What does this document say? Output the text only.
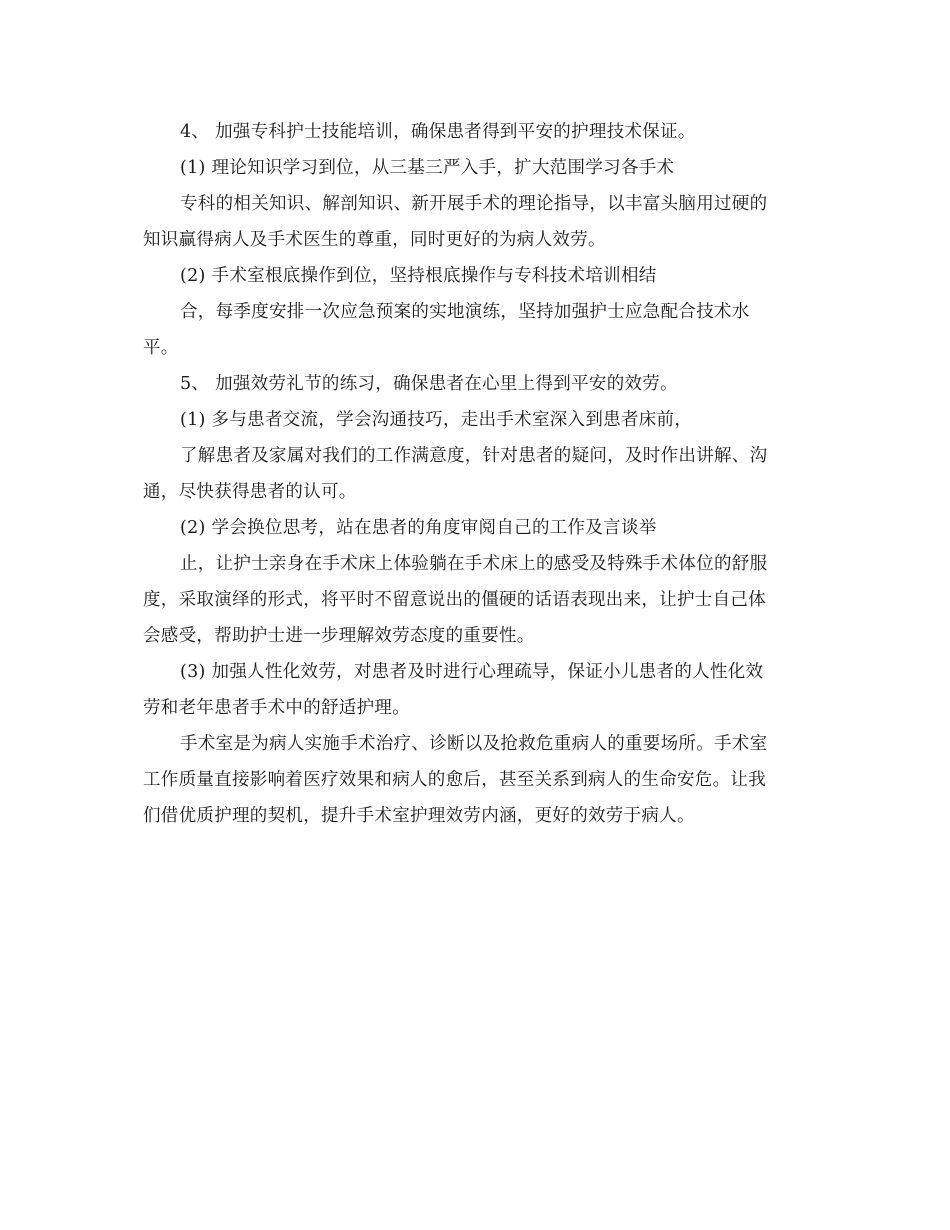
4、 加强专科护士技能培训，确保患者得到平安的护理技术保证。
(1) 理论知识学习到位，从三基三严入手，扩大范围学习各手术
专科的相关知识、解剖知识、新开展手术的理论指导，以丰富头脑用过硬的
知识赢得病人及手术医生的尊重，同时更好的为病人效劳。
(2) 手术室根底操作到位，坚持根底操作与专科技术培训相结
合，每季度安排一次应急预案的实地演练，坚持加强护士应急配合技术水
平。
5、 加强效劳礼节的练习，确保患者在心里上得到平安的效劳。
(1) 多与患者交流，学会沟通技巧，走出手术室深入到患者床前，
了解患者及家属对我们的工作满意度，针对患者的疑问，及时作出讲解、沟
通，尽快获得患者的认可。
(2) 学会换位思考，站在患者的角度审阅自己的工作及言谈举
止，让护士亲身在手术床上体验躺在手术床上的感受及特殊手术体位的舒服
度，采取演绎的形式，将平时不留意说出的僵硬的话语表现出来，让护士自己体
会感受，帮助护士进一步理解效劳态度的重要性。
(3) 加强人性化效劳，对患者及时进行心理疏导，保证小儿患者的人性化效
劳和老年患者手术中的舒适护理。
手术室是为病人实施手术治疗、诊断以及抢救危重病人的重要场所。手术室
工作质量直接影响着医疗效果和病人的愈后，甚至关系到病人的生命安危。让我
们借优质护理的契机，提升手术室护理效劳内涵，更好的效劳于病人。
